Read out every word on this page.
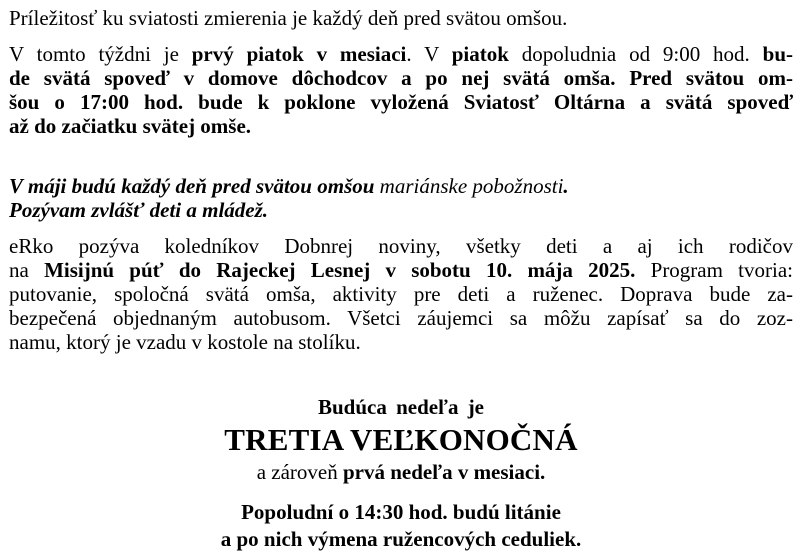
Príležitosť ku sviatosti zmierenia je každý deň pred svätou omšou.

V tomto týždni je prvý piatok v mesiaci. V piatok dopoludnia od 9:00 hod. bu-
de svätá spoveď v domove dôchodcov a po nej svätá omša. Pred svätou om-
šou o 17:00 hod. bude k poklone vyložená Sviatosť Oltárna a svätá spoveď
až do začiatku svätej omše.

V máji budú každý deň pred svätou omšou mariánske pobožnosti.
Pozývam zvlášť deti a mládež.

eRko pozýva koledníkov Dobnrej noviny, všetky deti a aj ich rodičov
na Misijnú púť do Rajeckej Lesnej v sobotu 10. mája 2025. Program tvoria:
putovanie, spoločná svätá omša, aktivity pre deti a ruženec. Doprava bude za-
bezpečená objednaným autobusom. Všetci záujemci sa môžu zapísať sa do zoz-
namu, ktorý je vzadu v kostole na stolíku.

Budúca nedeľa je
TRETIA VEĽKONOČNÁ
a zároveň prvá nedeľa v mesiaci.
Popoludní o 14:30 hod. budú litánie
a po nich výmena ružencových ceduliek.
